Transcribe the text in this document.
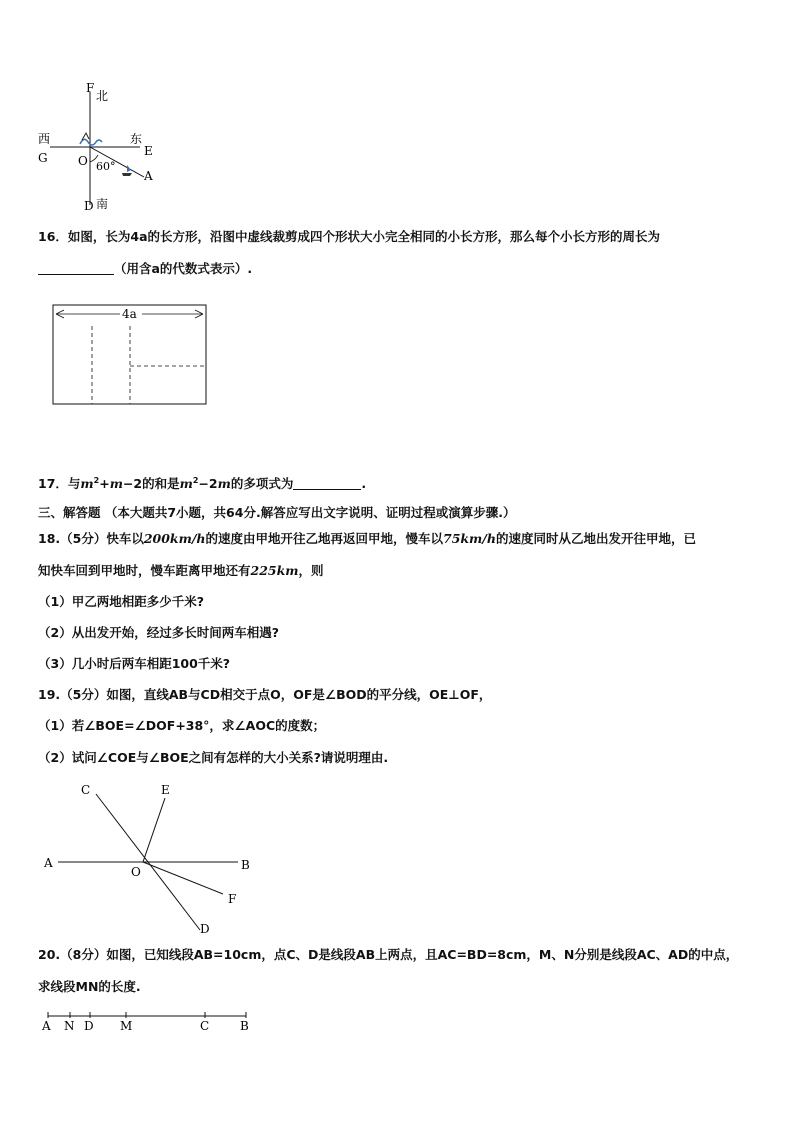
F
北
西	东
G	E
O 60°
A
D 南
16．如图，长为4a的长方形，沿图中虚线裁剪成四个形状大小完全相同的小长方形，那么每个小长方形的周长为
（用含a的代数式表示）.
4a
17．与$m^2+m-2$的和是$m^2-2m$的多项式为	.
三、解答题 （本大题共7小题，共64分.解答应写出文字说明、证明过程或演算步骤.）
18.（5分）快车以200km/h的速度由甲地开往乙地再返回甲地，慢车以75km/h的速度同时从乙地出发开往甲地，已
知快车回到甲地时，慢车距离甲地还有225km，则
（1）甲乙两地相距多少千米?
（2）从出发开始，经过多长时间两车相遇?
（3）几小时后两车相距100千米?
19.（5分）如图，直线AB与CD相交于点O，OF是∠BOD的平分线，OE⊥OF，
（1）若∠BOE=∠DOF+38°，求∠AOC的度数；
（2）试问∠COE与∠BOE之间有怎样的大小关系?请说明理由.
C	E
A
O	B
F
D
20.（8分）如图，已知线段AB=10cm，点C、D是线段AB上两点，且AC=BD=8cm，M、N分别是线段AC、AD的中点，
求线段MN的长度.
A N D M	C	B
